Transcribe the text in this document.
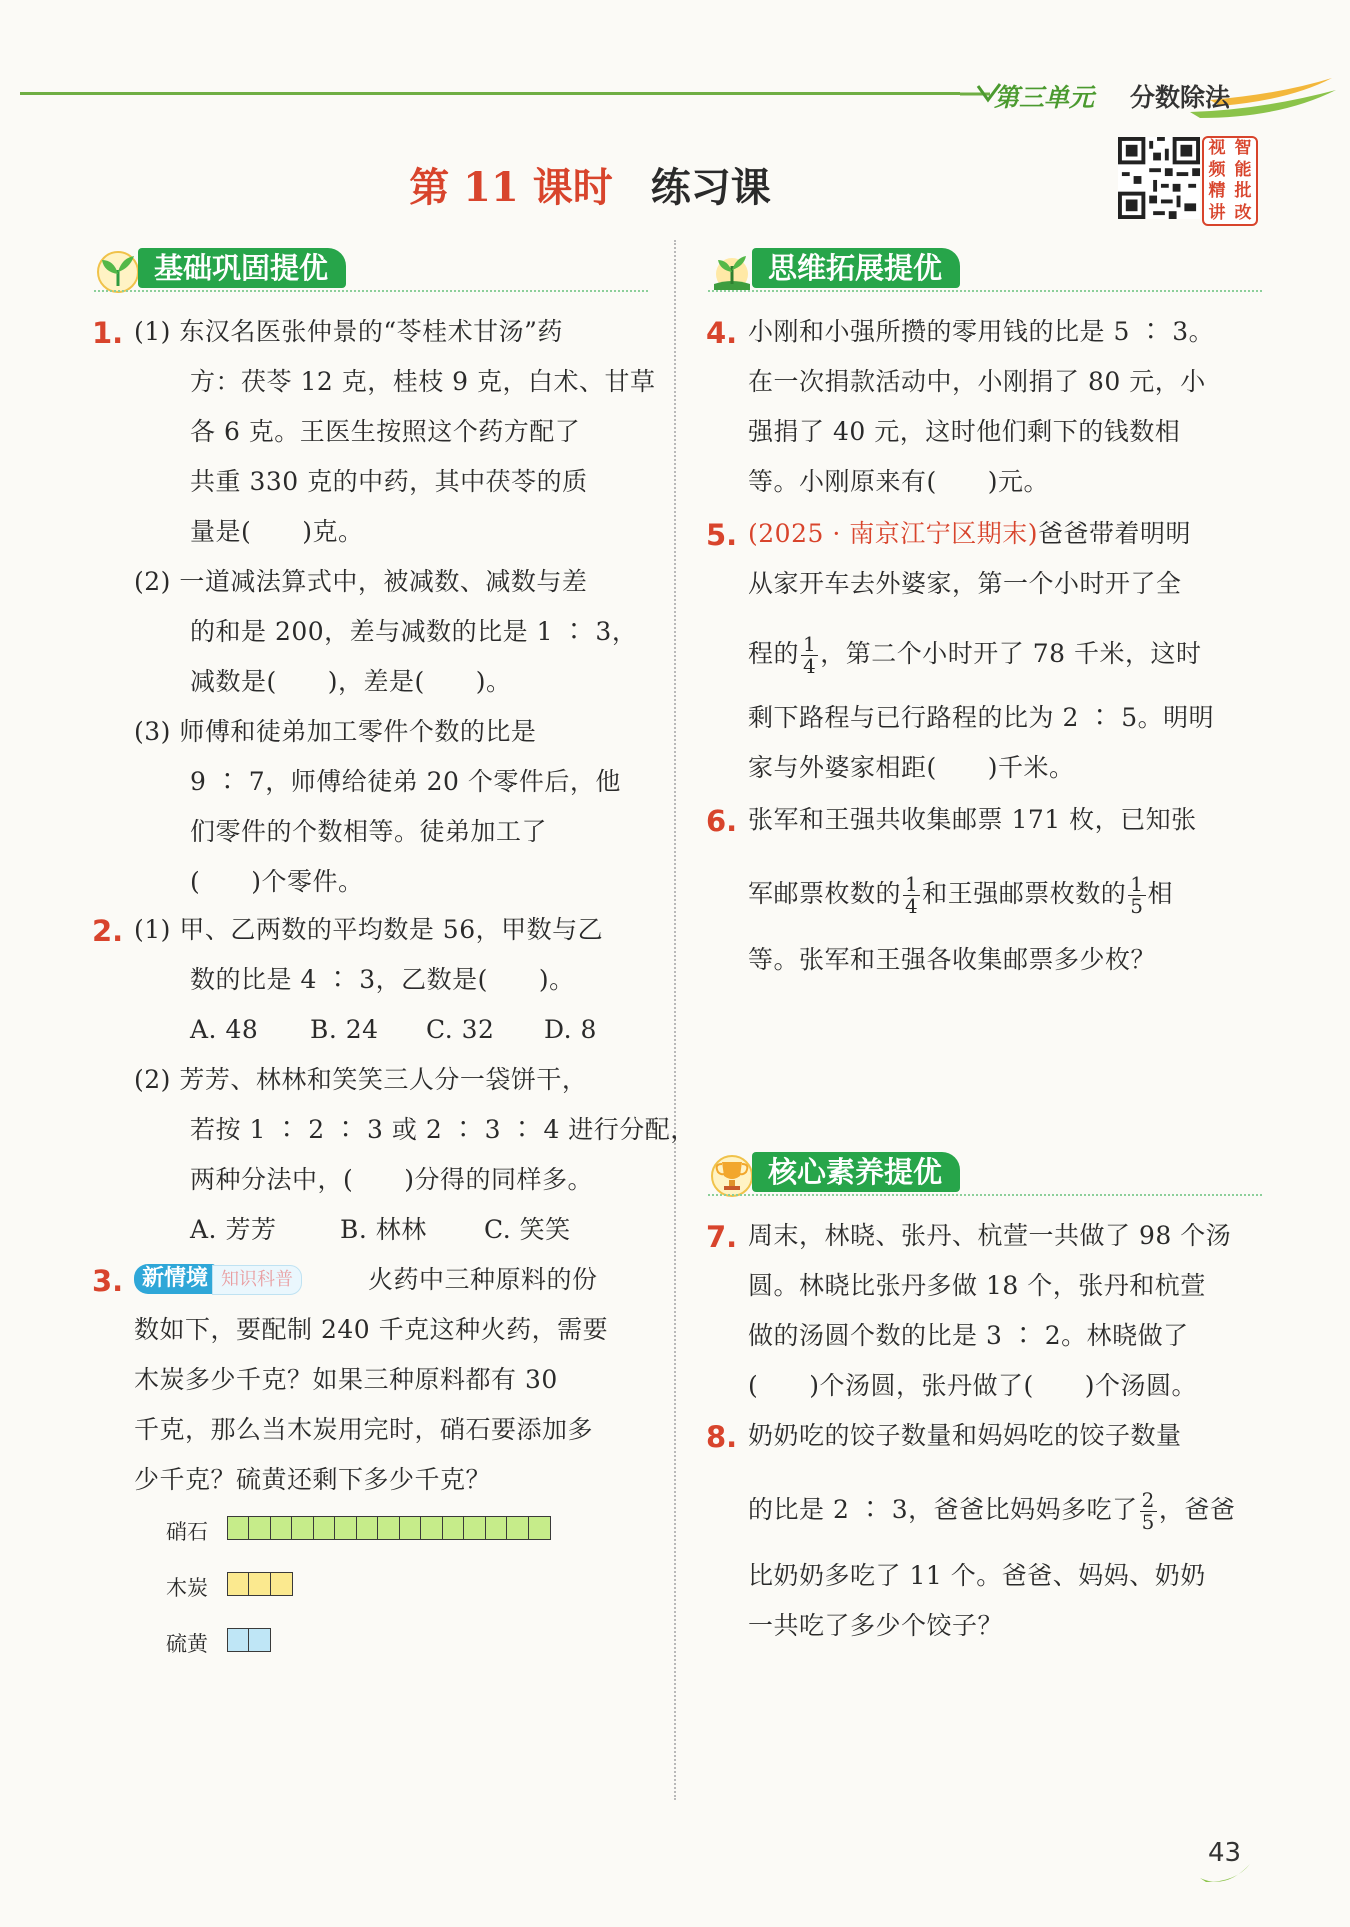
第三单元 分数除法
第 11 课时 练习课
视 智
频 能
精 批
讲 改
基础巩固提优	思维拓展提优
核心素养提优
1. (1) 东汉名医张仲景的“苓桂术甘汤”药
方：茯苓 12 克，桂枝 9 克，白术、甘草
各 6 克。王医生按照这个药方配了
共重 330 克的中药，其中茯苓的质
量是(　　)克。
(2) 一道减法算式中，被减数、减数与差
的和是 200，差与减数的比是 1 ∶ 3，
减数是(　　)，差是(　　)。
(3) 师傅和徒弟加工零件个数的比是
9 ∶ 7，师傅给徒弟 20 个零件后，他
们零件的个数相等。徒弟加工了
(　　)个零件。
2. (1) 甲、乙两数的平均数是 56，甲数与乙
数的比是 4 ∶ 3，乙数是(　　)。
A. 48 B. 24 C. 32 D. 8
(2) 芳芳、林林和笑笑三人分一袋饼干，
若按 1 ∶ 2 ∶ 3 或 2 ∶ 3 ∶ 4 进行分配，
两种分法中，(　　)分得的同样多。
A. 芳芳	B. 林林 C. 笑笑
3. 新情境 知识科普	火药中三种原料的份
数如下，要配制 240 千克这种火药，需要
木炭多少千克？如果三种原料都有 30
千克，那么当木炭用完时，硝石要添加多
少千克？硫黄还剩下多少千克？
硝石
木炭
硫黄
4. 小刚和小强所攒的零用钱的比是 5 ∶ 3。
在一次捐款活动中，小刚捐了 80 元，小
强捐了 40 元，这时他们剩下的钱数相
等。小刚原来有(　　)元。
5. (2025 · 南京江宁区期末)爸爸带着明明
从家开车去外婆家，第一个小时开了全
程的 $\frac{1}{4}$ ，第二个小时开了 78 千米，这时
剩下路程与已行路程的比为 2 ∶ 5。明明
家与外婆家相距(　　)千米。
6. 张军和王强共收集邮票 171 枚，已知张
军邮票枚数的 $\frac{1}{4}$ 和王强邮票枚数的 $\frac{1}{5}$ 相
等。张军和王强各收集邮票多少枚？
7. 周末，林晓、张丹、杭萱一共做了 98 个汤
圆。林晓比张丹多做 18 个，张丹和杭萱
做的汤圆个数的比是 3 ∶ 2。林晓做了
(　　)个汤圆，张丹做了(　　)个汤圆。
8. 奶奶吃的饺子数量和妈妈吃的饺子数量
的比是 2 ∶ 3，爸爸比妈妈多吃了 $\frac{2}{5}$ ，爸爸
比奶奶多吃了 11 个。爸爸、妈妈、奶奶
一共吃了多少个饺子？
43
